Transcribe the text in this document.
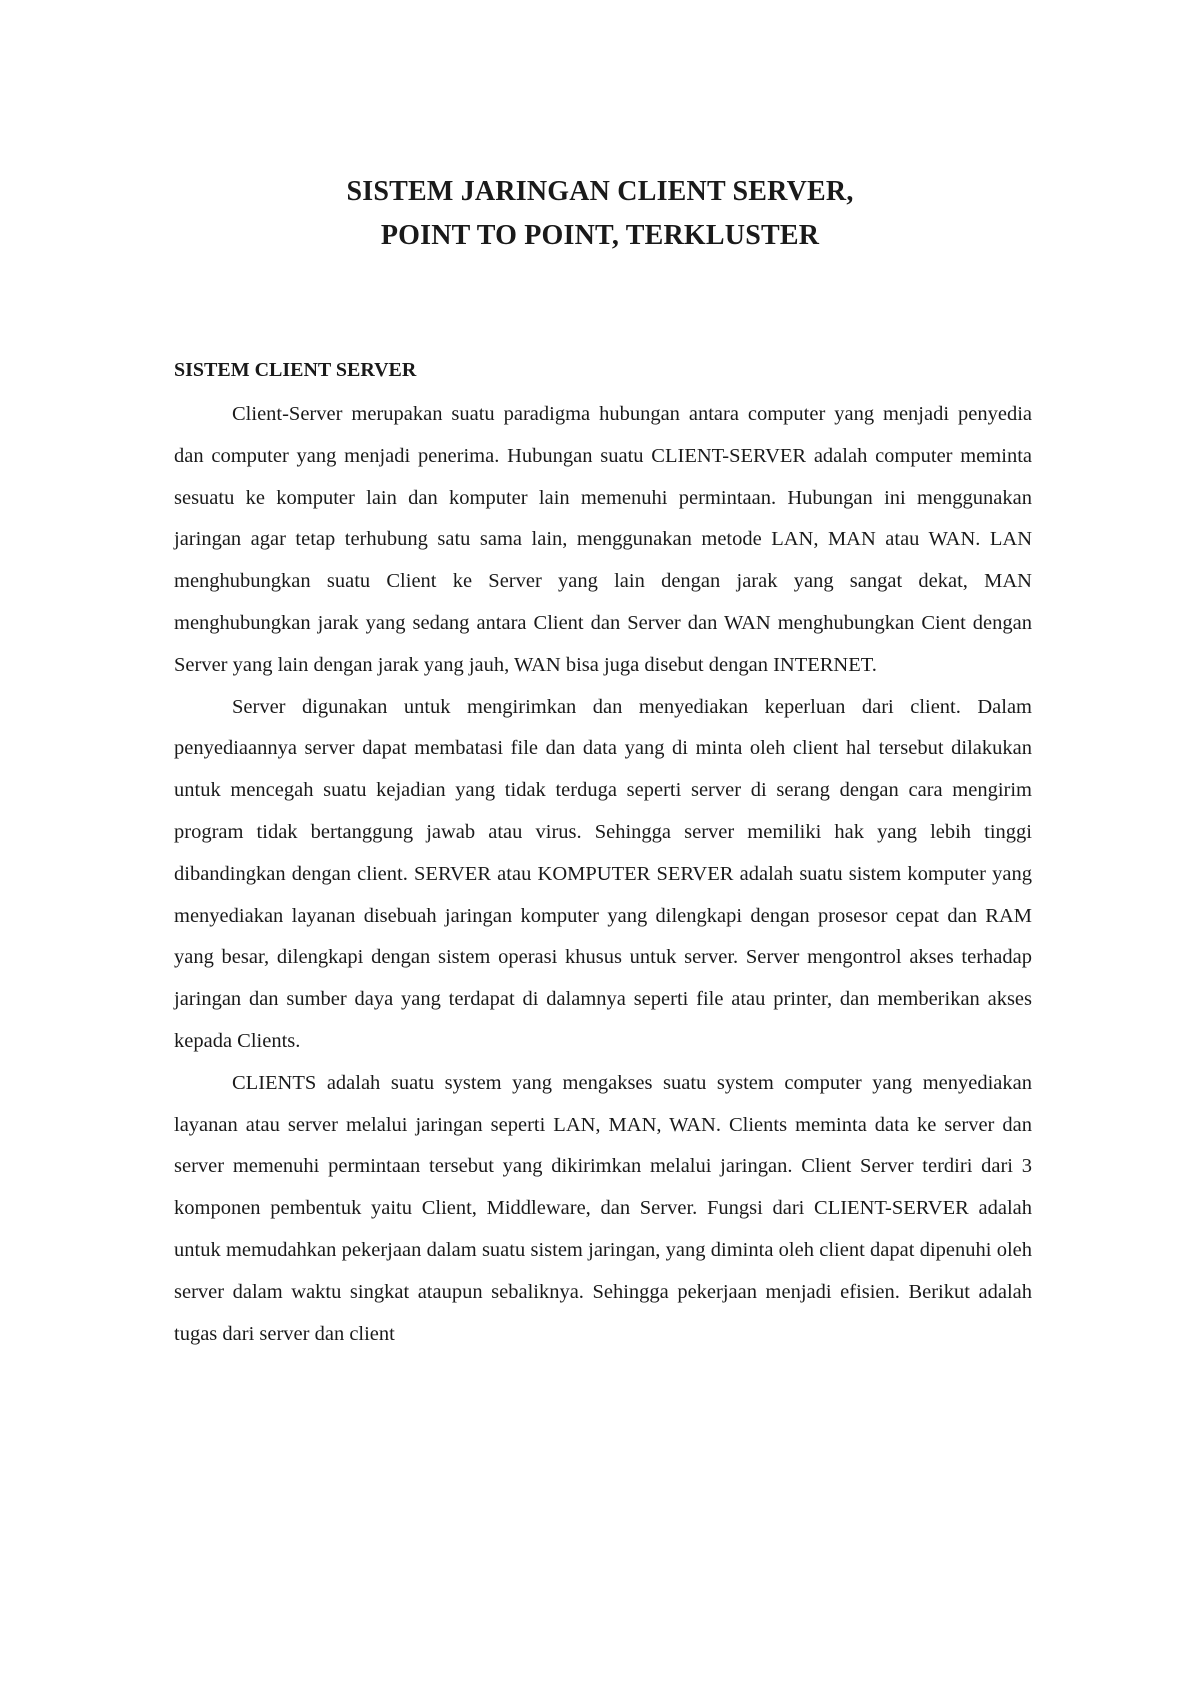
SISTEM JARINGAN CLIENT SERVER,
POINT TO POINT, TERKLUSTER
SISTEM CLIENT SERVER

Client-Server merupakan suatu paradigma hubungan antara computer yang menjadi penyedia dan computer yang menjadi penerima. Hubungan suatu CLIENT-SERVER adalah computer meminta sesuatu ke komputer lain dan komputer lain memenuhi permintaan. Hubungan ini menggunakan jaringan agar tetap terhubung satu sama lain, menggunakan metode LAN, MAN atau WAN. LAN menghubungkan suatu Client ke Server yang lain dengan jarak yang sangat dekat, MAN menghubungkan jarak yang sedang antara Client dan Server dan WAN menghubungkan Cient dengan Server yang lain dengan jarak yang jauh, WAN bisa juga disebut dengan INTERNET.

Server digunakan untuk mengirimkan dan menyediakan keperluan dari client. Dalam penyediaannya server dapat membatasi file dan data yang di minta oleh client hal tersebut dilakukan untuk mencegah suatu kejadian yang tidak terduga seperti server di serang dengan cara mengirim program tidak bertanggung jawab atau virus. Sehingga server memiliki hak yang lebih tinggi dibandingkan dengan client. SERVER atau KOMPUTER SERVER adalah suatu sistem komputer yang menyediakan layanan disebuah jaringan komputer yang dilengkapi dengan prosesor cepat dan RAM yang besar, dilengkapi dengan sistem operasi khusus untuk server. Server mengontrol akses terhadap jaringan dan sumber daya yang terdapat di dalamnya seperti file atau printer, dan memberikan akses kepada Clients.

CLIENTS adalah suatu system yang mengakses suatu system computer yang menyediakan layanan atau server melalui jaringan seperti LAN, MAN, WAN. Clients meminta data ke server dan server memenuhi permintaan tersebut yang dikirimkan melalui jaringan. Client Server terdiri dari 3 komponen pembentuk yaitu Client, Middleware, dan Server. Fungsi dari CLIENT-SERVER adalah untuk memudahkan pekerjaan dalam suatu sistem jaringan, yang diminta oleh client dapat dipenuhi oleh server dalam waktu singkat ataupun sebaliknya. Sehingga pekerjaan menjadi efisien. Berikut adalah tugas dari server dan client
